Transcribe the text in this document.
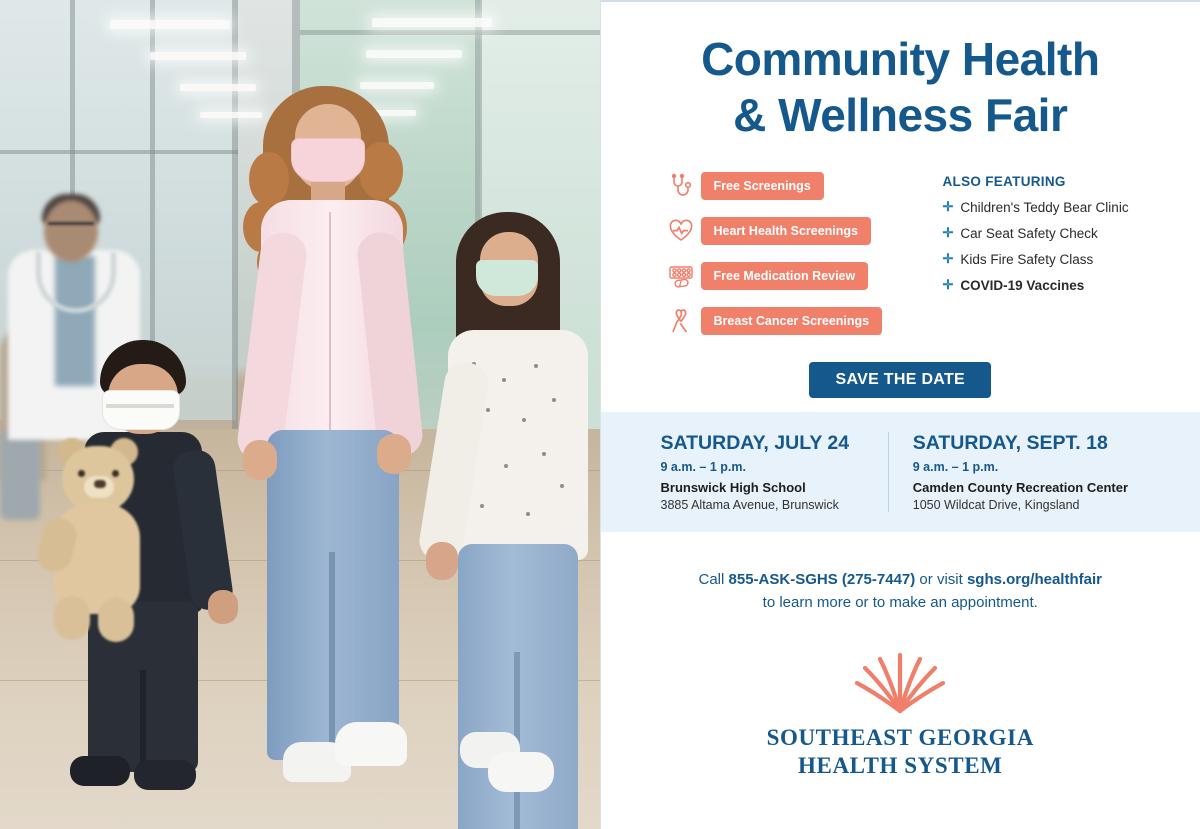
Community Health
& Wellness Fair
Free Screenings
Heart Health Screenings
Free Medication Review
Breast Cancer Screenings
ALSO FEATURING
✛ Children's Teddy Bear Clinic
✛ Car Seat Safety Check
✛ Kids Fire Safety Class
✛ COVID-19 Vaccines
SAVE THE DATE
SATURDAY, JULY 24
9 a.m. – 1 p.m.
Brunswick High School
3885 Altama Avenue, Brunswick
SATURDAY, SEPT. 18
9 a.m. – 1 p.m.
Camden County Recreation Center
1050 Wildcat Drive, Kingsland
Call 855-ASK-SGHS (275-7447) or visit sghs.org/healthfair
to learn more or to make an appointment.
SOUTHEAST GEORGIA
HEALTH SYSTEM
